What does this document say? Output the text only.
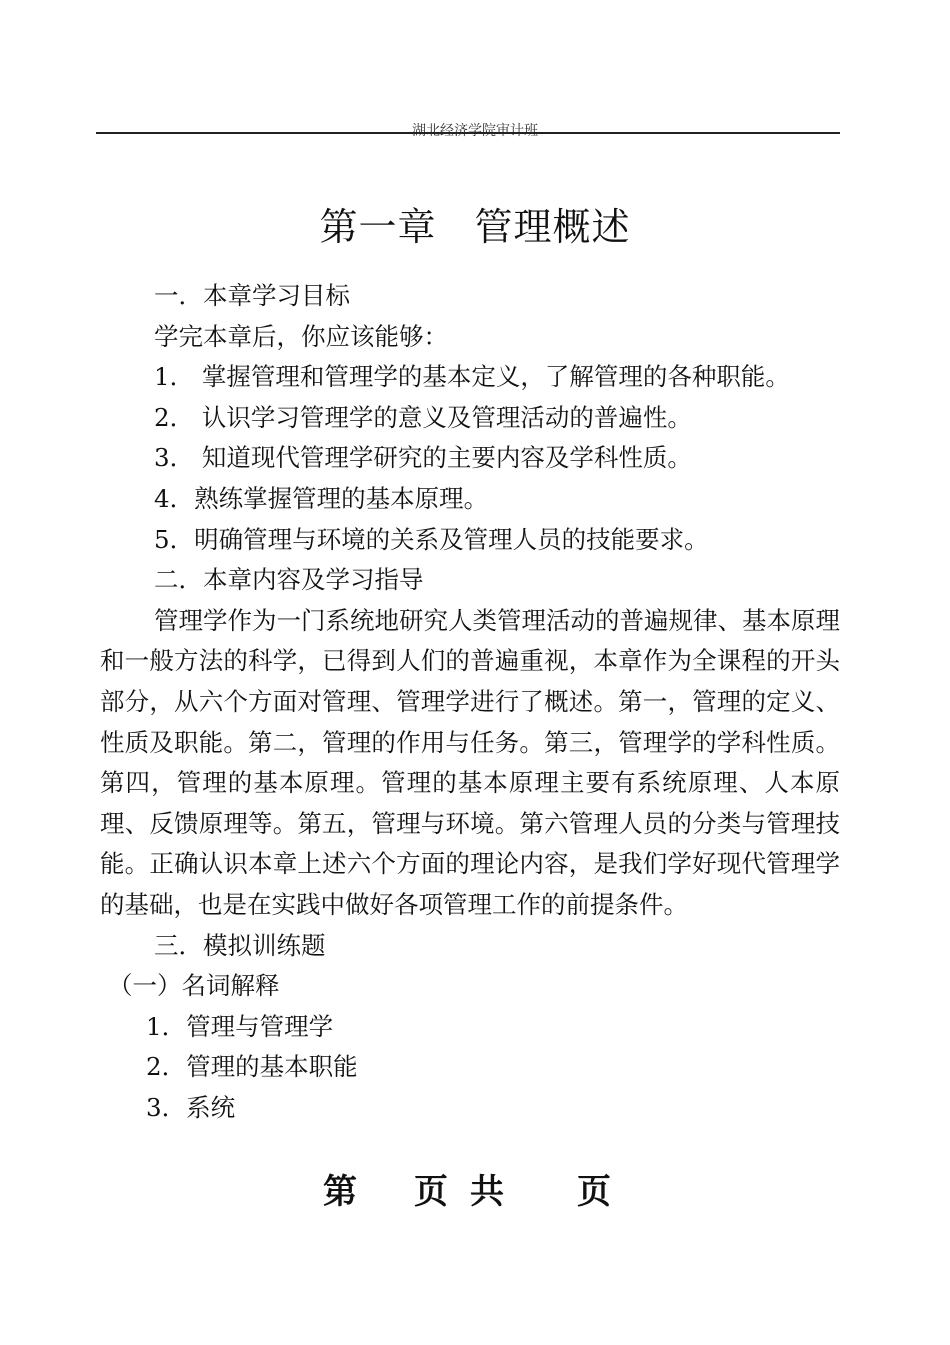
湖北经济学院审计班
第一章 管理概述
一．本章学习目标
学完本章后，你应该能够：
1． 掌握管理和管理学的基本定义，了解管理的各种职能。
2． 认识学习管理学的意义及管理活动的普遍性。
3． 知道现代管理学研究的主要内容及学科性质。
4．熟练掌握管理的基本原理。
5．明确管理与环境的关系及管理人员的技能要求。
二．本章内容及学习指导
管理学作为一门系统地研究人类管理活动的普遍规律、基本原理和一般方法的科学，已得到人们的普遍重视，本章作为全课程的开头部分，从六个方面对管理、管理学进行了概述。第一，管理的定义、性质及职能。第二，管理的作用与任务。第三，管理学的学科性质。第四，管理的基本原理。管理的基本原理主要有系统原理、人本原理、反馈原理等。第五，管理与环境。第六管理人员的分类与管理技能。正确认识本章上述六个方面的理论内容，是我们学好现代管理学的基础，也是在实践中做好各项管理工作的前提条件。
三．模拟训练题
（一）名词解释
1．管理与管理学
2．管理的基本职能
3．系统
第 页 共 页
